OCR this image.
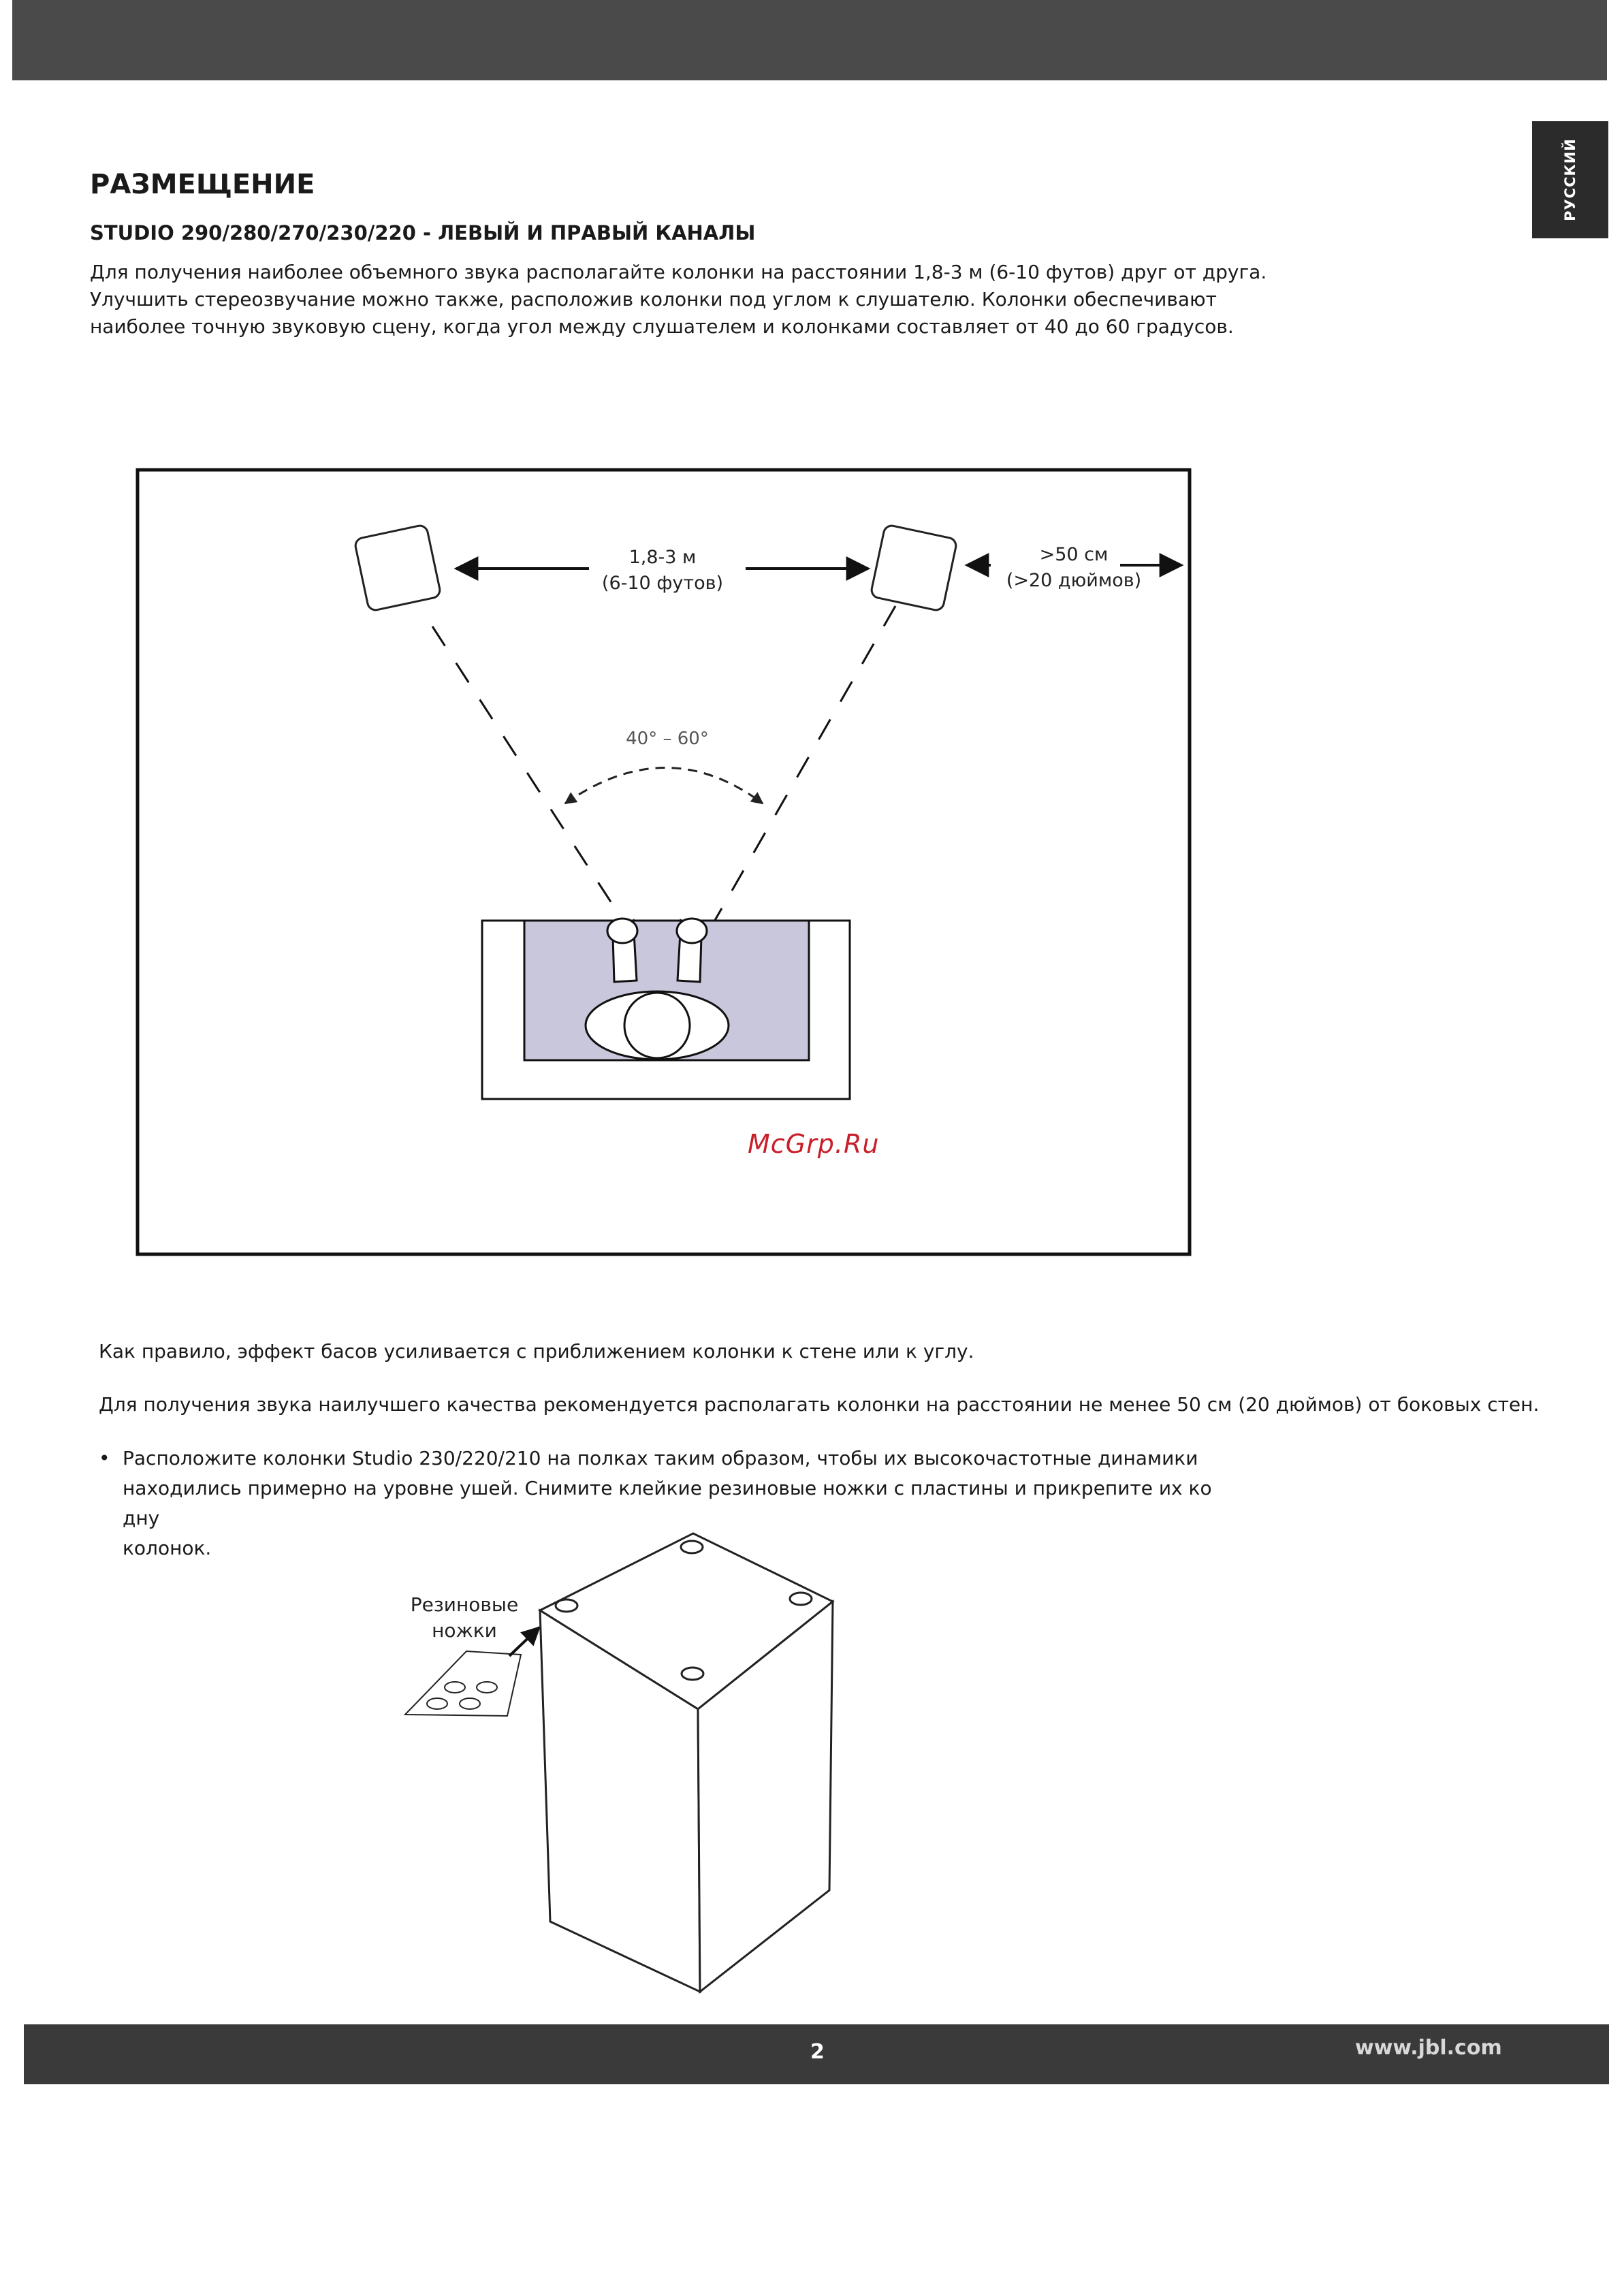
РУССКИЙ
РАЗМЕЩЕНИЕ
STUDIO 290/280/270/230/220 - ЛЕВЫЙ И ПРАВЫЙ КАНАЛЫ

Для получения наиболее объемного звука располагайте колонки на расстоянии 1,8-3 м (6-10 футов) друг от друга.

Улучшить стереозвучание можно также, расположив колонки под углом к слушателю. Колонки обеспечивают

наиболее точную звуковую сцену, когда угол между слушателем и колонками составляет от 40 до 60 градусов.

1,8-3 м
(6-10 футов)
>50 см
(>20 дюймов)
40° – 60°
McGrp.Ru

Как правило, эффект басов усиливается с приближением колонки к стене или к углу.

Для получения звука наилучшего качества рекомендуется располагать колонки на расстоянии не менее 50 см (20 дюймов) от боковых стен.

• Расположите колонки Studio 230/220/210 на полках таким образом, чтобы их высокочастотные динамики
находились примерно на уровне ушей. Снимите клейкие резиновые ножки с пластины и прикрепите их ко дну
колонок.
Резиновые
ножки
2	www.jbl.com
